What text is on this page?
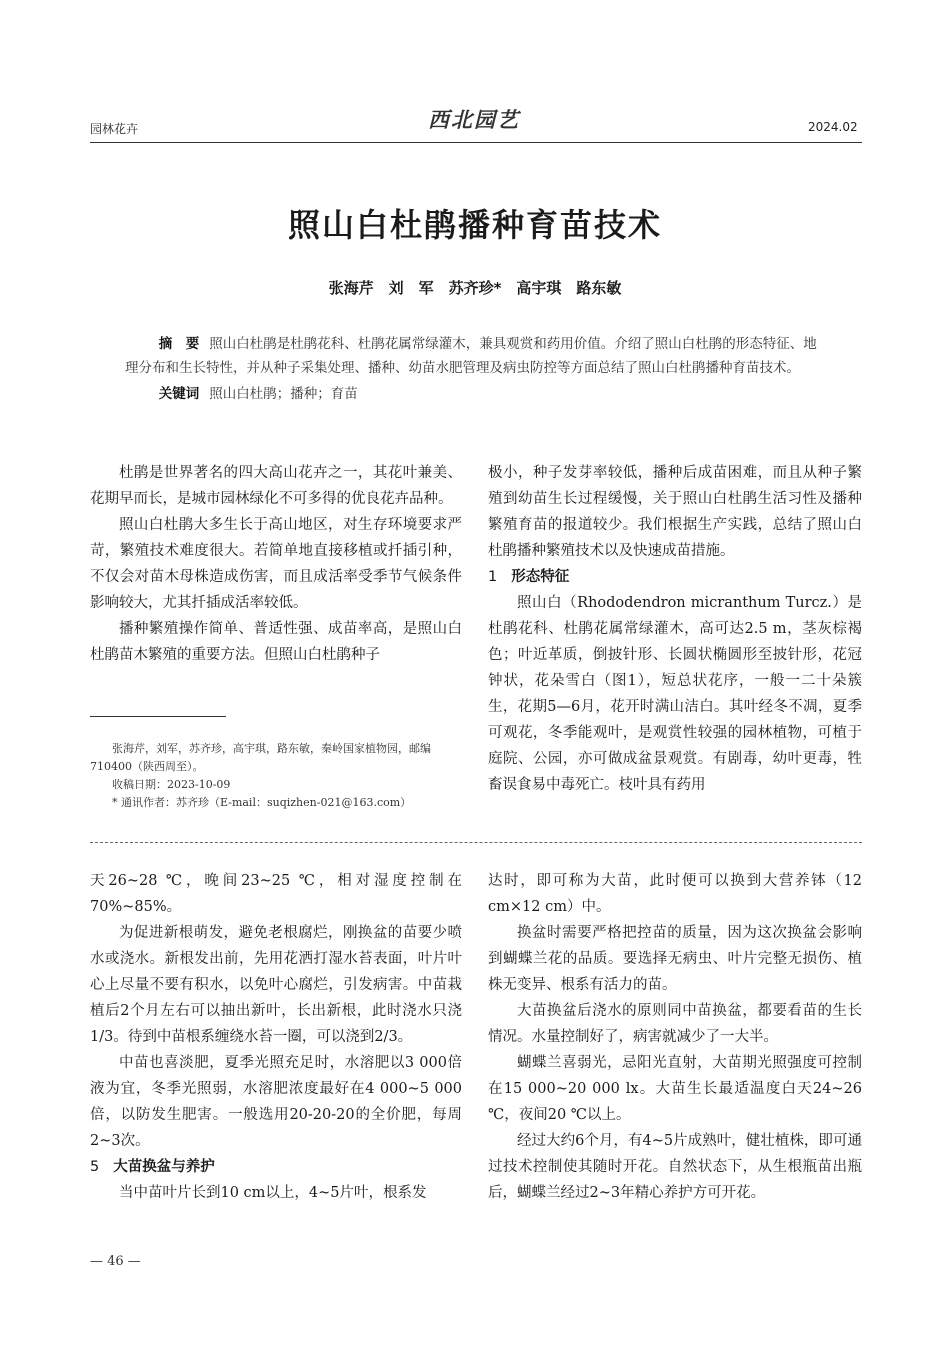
园林花卉	西北园艺	2024.02
照山白杜鹃播种育苗技术
张海芹　刘　军　苏齐珍*　高宇琪　路东敏
摘　要 照山白杜鹃是杜鹃花科、杜鹃花属常绿灌木，兼具观赏和药用价值。介绍了照山白杜鹃的形态特征、地理分布和生长特性，并从种子采集处理、播种、幼苗水肥管理及病虫防控等方面总结了照山白杜鹃播种育苗技术。
关键词 照山白杜鹃；播种；育苗

杜鹃是世界著名的四大高山花卉之一，其花叶兼美、花期早而长，是城市园林绿化不可多得的优良花卉品种。

照山白杜鹃大多生长于高山地区，对生存环境要求严苛，繁殖技术难度很大。若简单地直接移植或扦插引种，不仅会对苗木母株造成伤害，而且成活率受季节气候条件影响较大，尤其扦插成活率较低。

播种繁殖操作简单、普适性强、成苗率高，是照山白杜鹃苗木繁殖的重要方法。但照山白杜鹃种子

张海芹，刘军，苏齐珍，高宇琪，路东敏，秦岭国家植物园，邮编710400（陕西周至）。

收稿日期：2023-10-09

* 通讯作者：苏齐珍（E-mail：suqizhen-021@163.com）

极小，种子发芽率较低，播种后成苗困难，而且从种子繁殖到幼苗生长过程缓慢，关于照山白杜鹃生活习性及播种繁殖育苗的报道较少。我们根据生产实践，总结了照山白杜鹃播种繁殖技术以及快速成苗措施。

1 形态特征

照山白（Rhododendron micranthum Turcz.）是杜鹃花科、杜鹃花属常绿灌木，高可达2.5 m，茎灰棕褐色；叶近革质，倒披针形、长圆状椭圆形至披针形，花冠钟状，花朵雪白（图1），短总状花序，一般一二十朵簇生，花期5—6月，花开时满山洁白。其叶经冬不凋，夏季可观花，冬季能观叶，是观赏性较强的园林植物，可植于庭院、公园，亦可做成盆景观赏。有剧毒，幼叶更毒，牲畜误食易中毒死亡。枝叶具有药用

天26~28 ℃，晚间23~25 ℃，相对湿度控制在70%~85%。

为促进新根萌发，避免老根腐烂，刚换盆的苗要少喷水或浇水。新根发出前，先用花洒打湿水苔表面，叶片叶心上尽量不要有积水，以免叶心腐烂，引发病害。中苗栽植后2个月左右可以抽出新叶，长出新根，此时浇水只浇1/3。待到中苗根系缠绕水苔一圈，可以浇到2/3。

中苗也喜淡肥，夏季光照充足时，水溶肥以3 000倍液为宜，冬季光照弱，水溶肥浓度最好在4 000~5 000倍，以防发生肥害。一般选用20-20-20的全价肥，每周2~3次。

5 大苗换盆与养护

当中苗叶片长到10 cm以上，4~5片叶，根系发

达时，即可称为大苗，此时便可以换到大营养钵（12 cm×12 cm）中。

换盆时需要严格把控苗的质量，因为这次换盆会影响到蝴蝶兰花的品质。要选择无病虫、叶片完整无损伤、植株无变异、根系有活力的苗。

大苗换盆后浇水的原则同中苗换盆，都要看苗的生长情况。水量控制好了，病害就减少了一大半。

蝴蝶兰喜弱光，忌阳光直射，大苗期光照强度可控制在15 000~20 000 lx。大苗生长最适温度白天24~26 ℃，夜间20 ℃以上。

经过大约6个月，有4~5片成熟叶，健壮植株，即可通过技术控制使其随时开花。自然状态下，从生根瓶苗出瓶后，蝴蝶兰经过2~3年精心养护方可开花。

— 46 —
